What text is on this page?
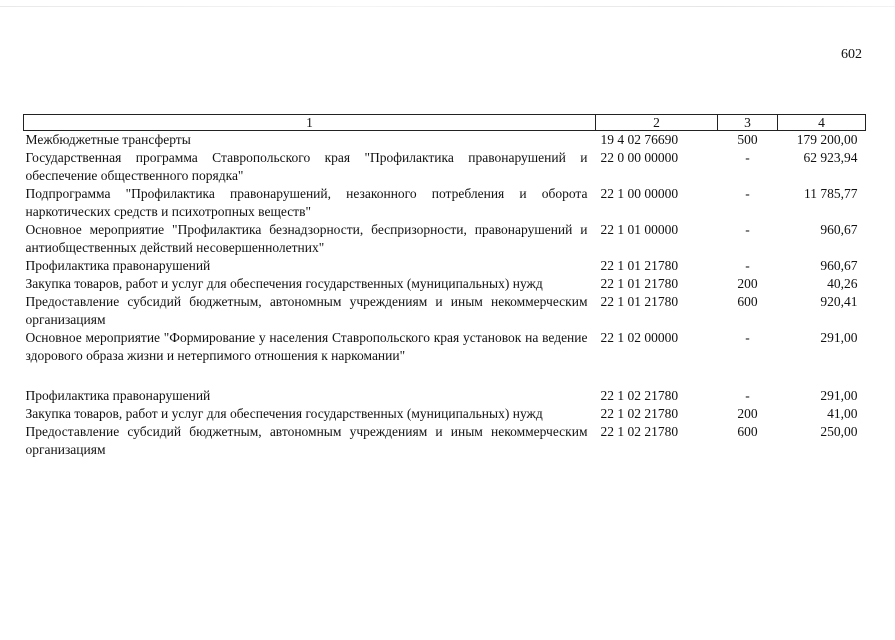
602
1	2	3	4
Межбюджетные трансферты	19 4 02 76690	500	179 200,00
Государственная программа Ставропольского края "Профилактика правонарушений и обеспечение общественного порядка"	22 0 00 00000	-	62 923,94
Подпрограмма "Профилактика правонарушений, незаконного потребления и оборота наркотических средств и психотропных веществ"	22 1 00 00000	-	11 785,77
Основное мероприятие "Профилактика безнадзорности, беспризорности, правонарушений и антиобщественных действий несовершеннолетних"	22 1 01 00000	-	960,67
Профилактика правонарушений	22 1 01 21780	-	960,67
Закупка товаров, работ и услуг для обеспечения государственных (муниципальных) нужд	22 1 01 21780	200	40,26
Предоставление субсидий бюджетным, автономным учреждениям и иным некоммерческим организациям	22 1 01 21780	600	920,41
Основное мероприятие "Формирование у населения Ставропольского края установок на ведение здорового образа жизни и нетерпимого отношения к наркомании"	22 1 02 00000	-	291,00

Профилактика правонарушений	22 1 02 21780	-	291,00
Закупка товаров, работ и услуг для обеспечения государственных (муниципальных) нужд	22 1 02 21780	200	41,00
Предоставление субсидий бюджетным, автономным учреждениям и иным некоммерческим организациям	22 1 02 21780	600	250,00
